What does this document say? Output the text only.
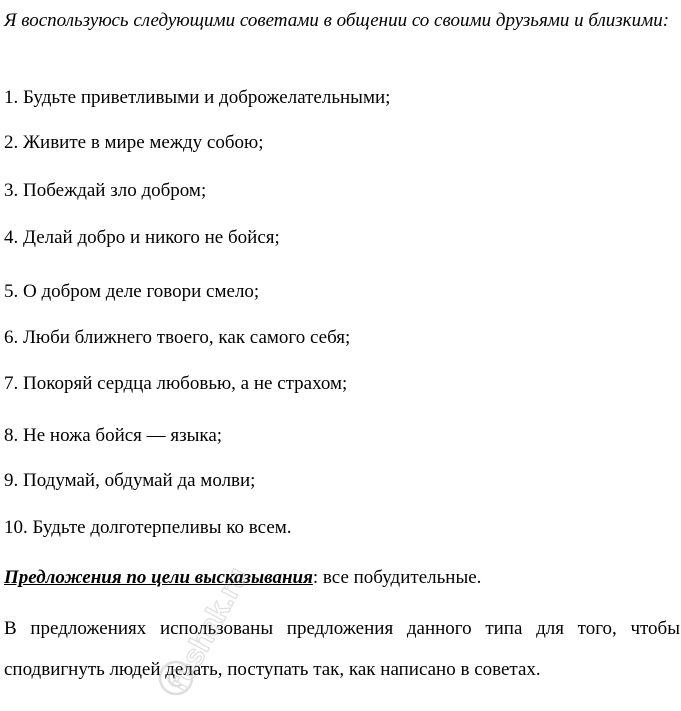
Я воспользуюсь следующими советами в общении со своими друзьями и близкими:

1. Будьте приветливыми и доброжелательными;

2. Живите в мире между собою;

3. Побеждай зло добром;

4. Делай добро и никого не бойся;

5. О добром деле говори смело;

6. Люби ближнего твоего, как самого себя;

7. Покоряй сердца любовью, а не страхом;

8. Не ножа бойся — языка;

9. Подумай, обдумай да молви;

10. Будьте долготерпеливы ко всем.

Предложения по цели высказывания: все побудительные.

В предложениях использованы предложения данного типа для того, чтобы сподвигнуть людей делать, поступать так, как написано в советах.

reshak.ru
